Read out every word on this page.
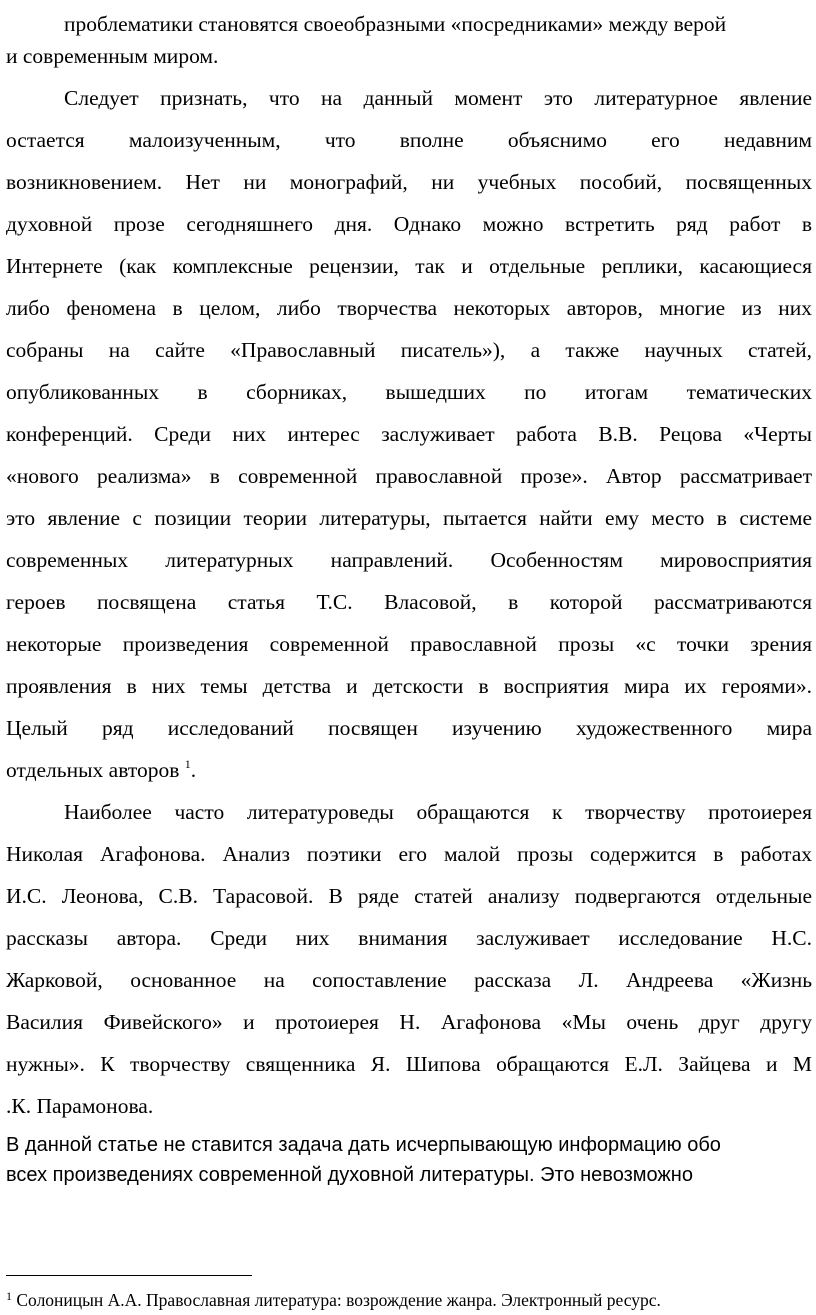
проблематики становятся своеобразными «посредниками» между верой
и современным миром.
Следует признать, что на данный момент это литературное явление
остается малоизученным, что вполне объяснимо его недавним
возникновением. Нет ни монографий, ни учебных пособий, посвященных
духовной прозе сегодняшнего дня. Однако можно встретить ряд работ в
Интернете (как комплексные рецензии, так и отдельные реплики, касающиеся
либо феномена в целом, либо творчества некоторых авторов, многие из них
собраны на сайте «Православный писатель»), а также научных статей,
опубликованных в сборниках, вышедших по итогам тематических
конференций. Среди них интерес заслуживает работа В.В. Рецова «Черты
«нового реализма» в современной православной прозе». Автор рассматривает
это явление с позиции теории литературы, пытается найти ему место в системе
современных литературных направлений. Особенностям мировосприятия
героев посвящена статья Т.С. Власовой, в которой рассматриваются
некоторые произведения современной православной прозы «с точки зрения
проявления в них темы детства и детскости в восприятия мира их героями».
Целый ряд исследований посвящен изучению художественного мира
отдельных авторов $^1$.
Наиболее часто литературоведы обращаются к творчеству протоиерея
Николая Агафонова. Анализ поэтики его малой прозы содержится в работах
И.С. Леонова, С.В. Тарасовой. В ряде статей анализу подвергаются отдельные
рассказы автора. Среди них внимания заслуживает исследование Н.С.
Жарковой, основанное на сопоставление рассказа Л. Андреева «Жизнь
Василия Фивейского» и протоиерея Н. Агафонова «Мы очень друг другу
нужны». К творчеству священника Я. Шипова обращаются Е.Л. Зайцева и М
.К. Парамонова.
В данной статье не ставится задача дать исчерпывающую информацию обо
всех произведениях современной духовной литературы. Это невозможно
$^1$ Солоницын А.А. Православная литература: возрождение жанра. Электронный ресурс.
